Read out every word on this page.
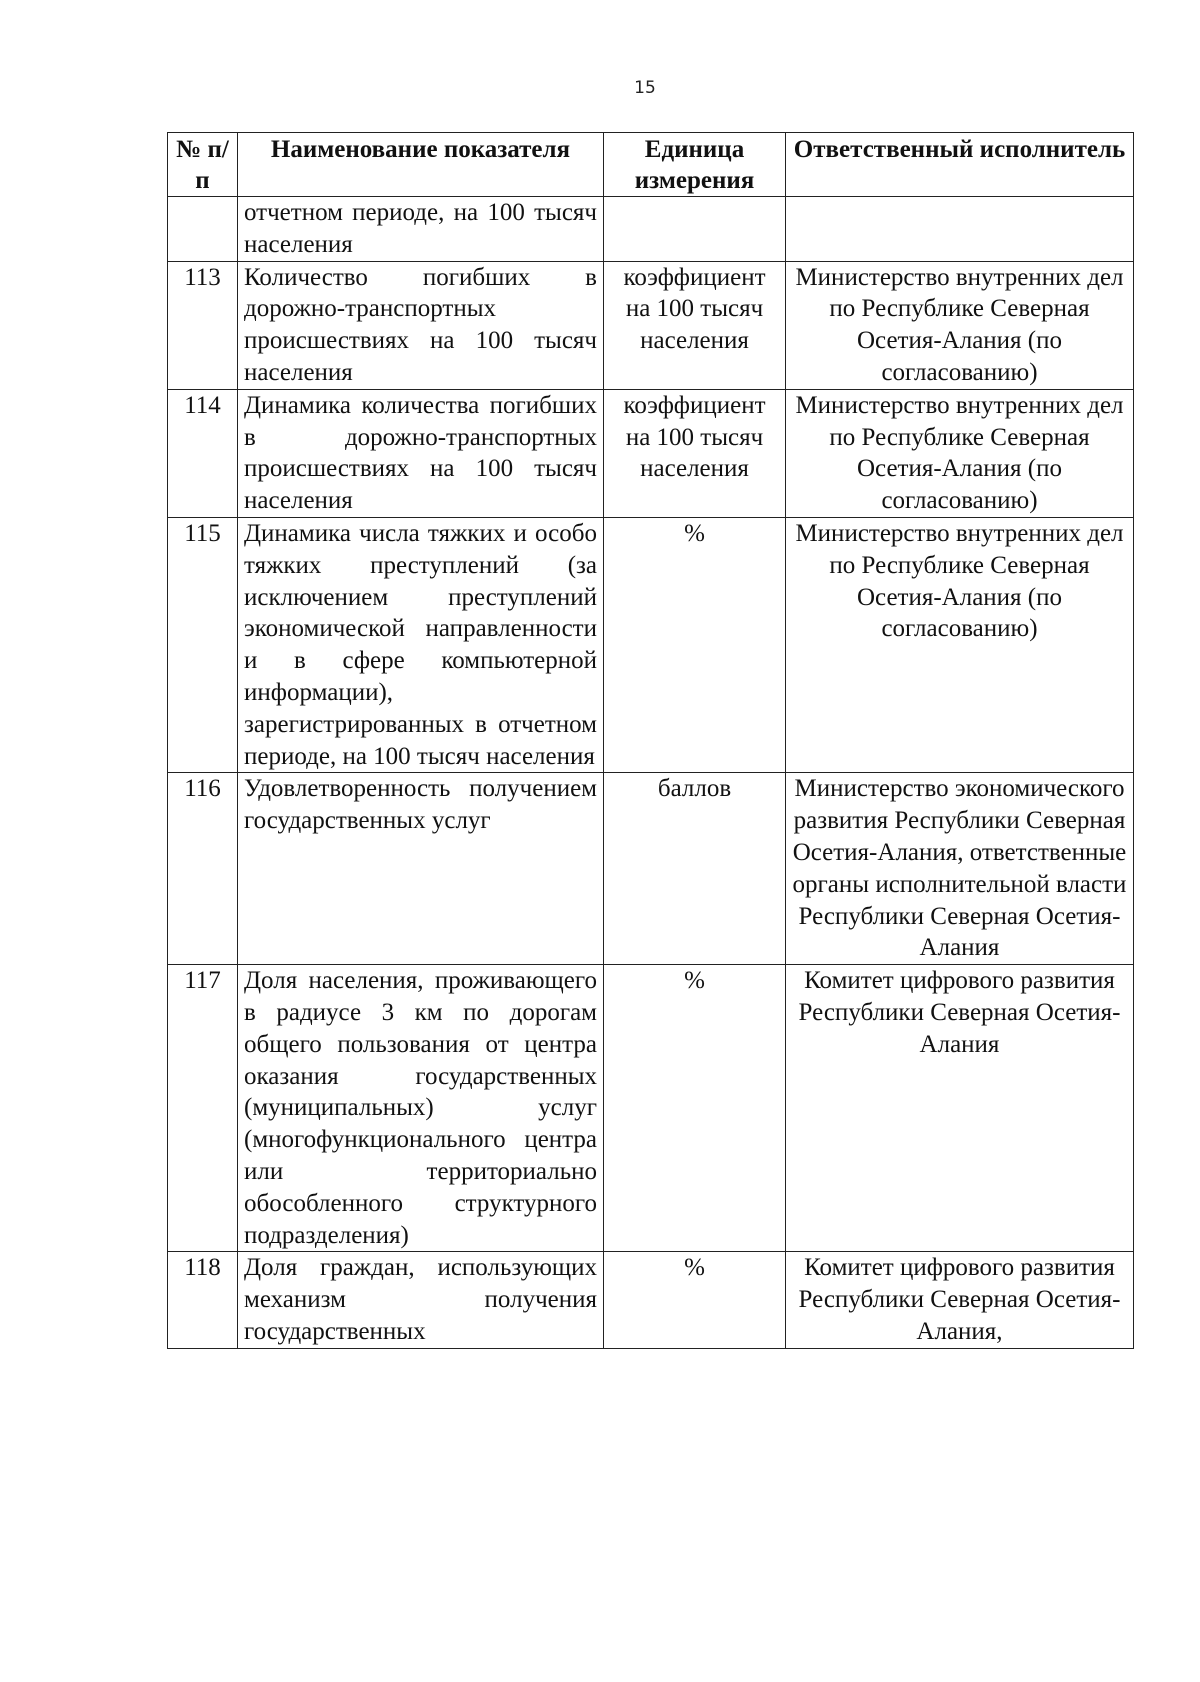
15
№ п/п	Наименование показателя	Единица измерения	Ответственный исполнитель
	отчетном периоде, на 100 тысяч населения		
113	Количество погибших в дорожно-транспортных происшествиях на 100 тысяч населения	коэффициент на 100 тысяч населения	Министерство внутренних дел по Республике Северная Осетия-Алания (по согласованию)
114	Динамика количества погибших в дорожно-транспортных происшествиях на 100 тысяч населения	коэффициент на 100 тысяч населения	Министерство внутренних дел по Республике Северная Осетия-Алания (по согласованию)
115	Динамика числа тяжких и особо тяжких преступлений (за исключением преступлений экономической направленности и в сфере компьютерной информации), зарегистрированных в отчетном периоде, на 100 тысяч населения	%	Министерство внутренних дел по Республике Северная Осетия-Алания (по согласованию)
116	Удовлетворенность получением государственных услуг	баллов	Министерство экономического развития Республики Северная Осетия-Алания, ответственные органы исполнительной власти Республики Северная Осетия-Алания
117	Доля населения, проживающего в радиусе 3 км по дорогам общего пользования от центра оказания государственных (муниципальных) услуг (многофункционального центра или территориально обособленного структурного подразделения)	%	Комитет цифрового развития Республики Северная Осетия-Алания
118	Доля граждан, использующих механизм получения государственных	%	Комитет цифрового развития Республики Северная Осетия-Алания,
